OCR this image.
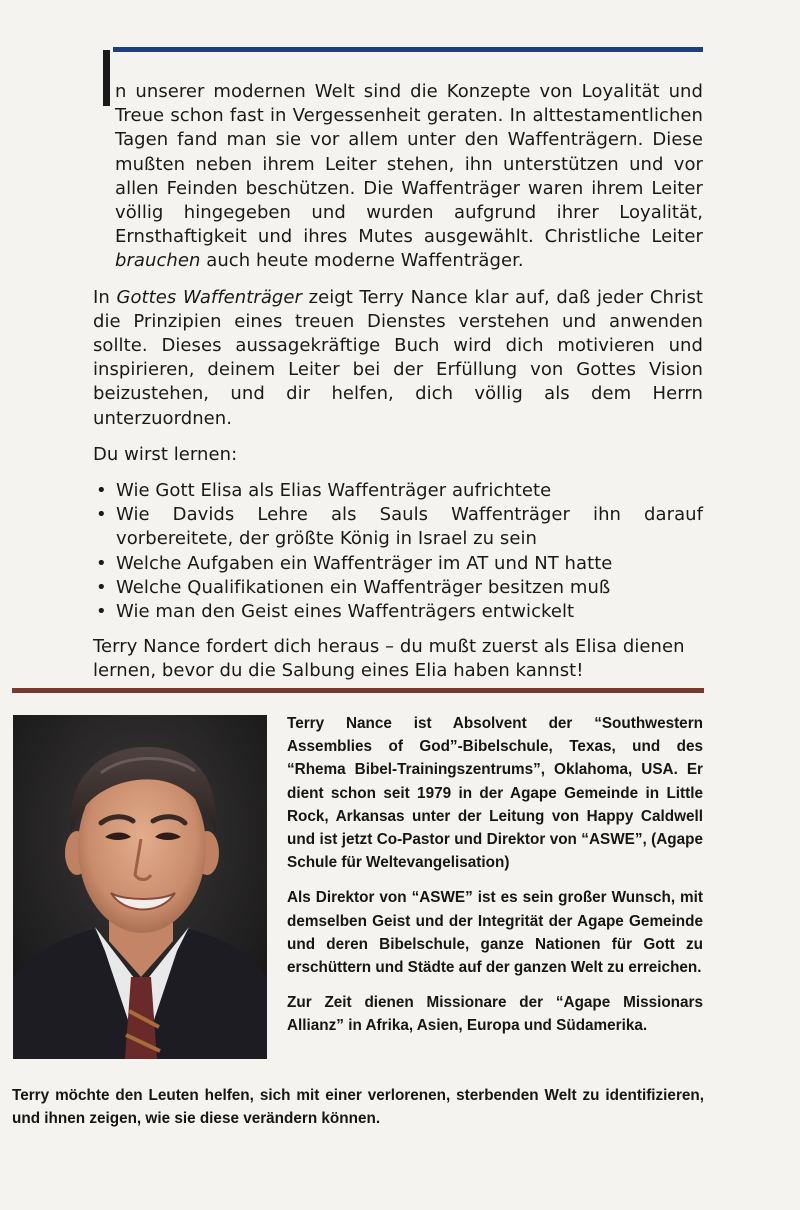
n unserer modernen Welt sind die Konzepte von Loyalität und Treue schon fast in Vergessenheit geraten. In alttestamentlichen Tagen fand man sie vor allem unter den Waffenträgern. Diese mußten neben ihrem Leiter stehen, ihn unterstützen und vor allen Feinden beschützen. Die Waffenträger waren ihrem Leiter völlig hingegeben und wurden aufgrund ihrer Loyalität, Ernsthaftigkeit und ihres Mutes ausgewählt. Christliche Leiter brauchen auch heute moderne Waffenträger.

In Gottes Waffenträger zeigt Terry Nance klar auf, daß jeder Christ die Prinzipien eines treuen Dienstes verstehen und anwenden sollte. Dieses aussagekräftige Buch wird dich motivieren und inspirieren, deinem Leiter bei der Erfüllung von Gottes Vision beizustehen, und dir helfen, dich völlig als dem Herrn unterzuordnen.

Du wirst lernen:

• Wie Gott Elisa als Elias Waffenträger aufrichtete
• Wie Davids Lehre als Sauls Waffenträger ihn darauf vorbereitete, der größte König in Israel zu sein
• Welche Aufgaben ein Waffenträger im AT und NT hatte
• Welche Qualifikationen ein Waffenträger besitzen muß
• Wie man den Geist eines Waffenträgers entwickelt

Terry Nance fordert dich heraus – du mußt zuerst als Elisa dienen lernen, bevor du die Salbung eines Elia haben kannst!

Terry Nance ist Absolvent der “Southwestern Assemblies of God”-Bibelschule, Texas, und des “Rhema Bibel-Trainingszentrums”, Oklahoma, USA. Er dient schon seit 1979 in der Agape Gemeinde in Little Rock, Arkansas unter der Leitung von Happy Caldwell und ist jetzt Co-Pastor und Direktor von “ASWE”, (Agape Schule für Weltevangelisation)

Als Direktor von “ASWE” ist es sein großer Wunsch, mit demselben Geist und der Integrität der Agape Gemeinde und deren Bibelschule, ganze Nationen für Gott zu erschüttern und Städte auf der ganzen Welt zu erreichen.

Zur Zeit dienen Missionare der “Agape Missionars Allianz” in Afrika, Asien, Europa und Südamerika.

Terry möchte den Leuten helfen, sich mit einer verlorenen, sterbenden Welt zu identifizieren, und ihnen zeigen, wie sie diese verändern können.
